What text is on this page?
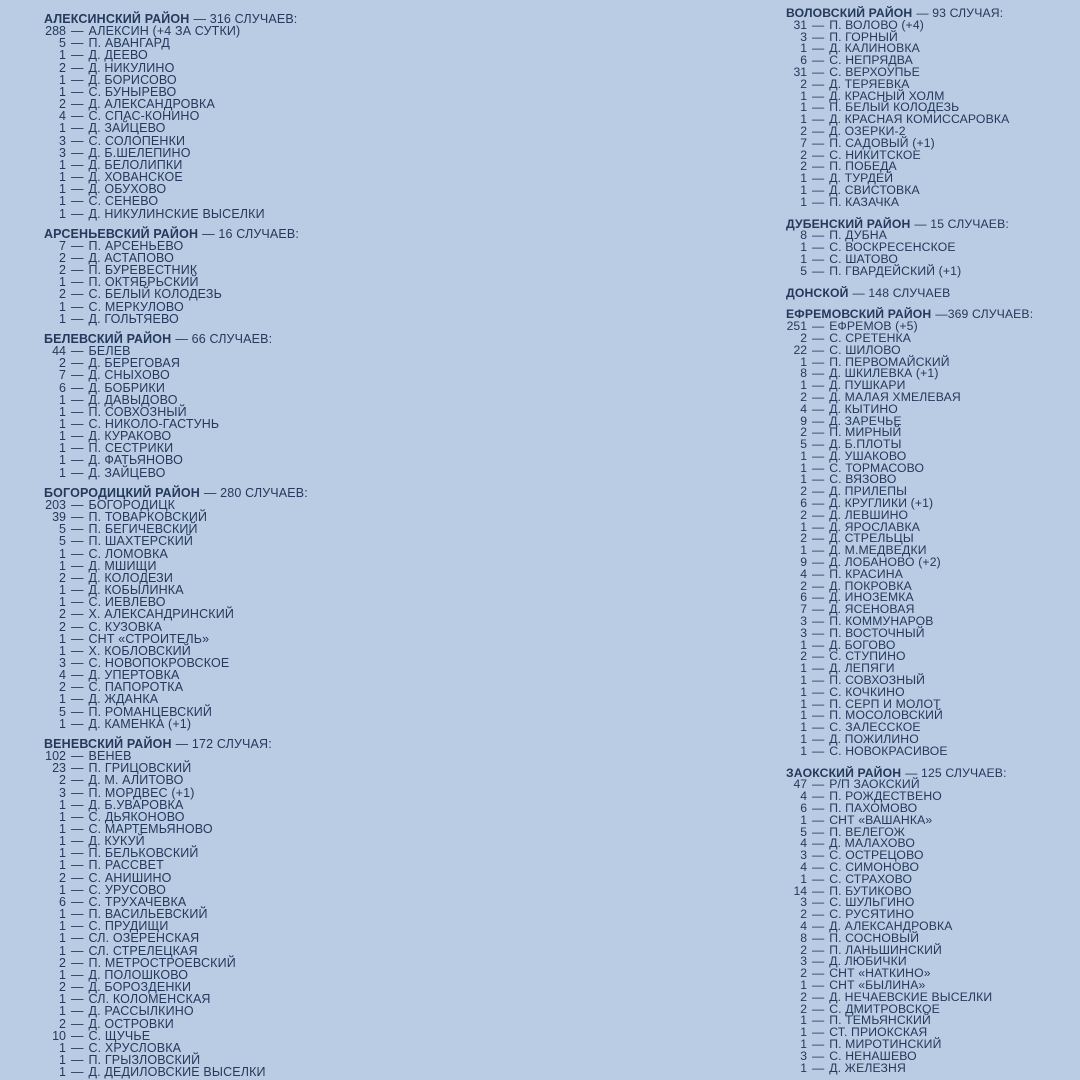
АЛЕКСИНСКИЙ РАЙОН — 316 СЛУЧАЕВ:
288 — АЛЕКСИН (+4 ЗА СУТКИ)
5 — П. АВАНГАРД
1 — Д. ДЕЕВО
2 — Д. НИКУЛИНО
1 — Д. БОРИСОВО
1 — С. БУНЫРЕВО
2 — Д. АЛЕКСАНДРОВКА
4 — С. СПАС-КОНИНО
1 — Д. ЗАЙЦЕВО
3 — С. СОЛОПЕНКИ
3 — Д. Б.ШЕЛЕПИНО
1 — Д. БЕЛОЛИПКИ
1 — Д. ХОВАНСКОЕ
1 — Д. ОБУХОВО
1 — С. СЕНЕВО
1 — Д. НИКУЛИНСКИЕ ВЫСЕЛКИ
АРСЕНЬЕВСКИЙ РАЙОН — 16 СЛУЧАЕВ:
7 — П. АРСЕНЬЕВО
2 — Д. АСТАПОВО
2 — П. БУРЕВЕСТНИК
1 — П. ОКТЯБРЬСКИЙ
2 — С. БЕЛЫЙ КОЛОДЕЗЬ
1 — С. МЕРКУЛОВО
1 — Д. ГОЛЬТЯЕВО
БЕЛЕВСКИЙ РАЙОН — 66 СЛУЧАЕВ:
44 — БЕЛЕВ
2 — Д. БЕРЕГОВАЯ
7 — Д. СНЫХОВО
6 — Д. БОБРИКИ
1 — Д. ДАВЫДОВО
1 — П. СОВХОЗНЫЙ
1 — С. НИКОЛО-ГАСТУНЬ
1 — Д. КУРАКОВО
1 — П. СЕСТРИКИ
1 — Д. ФАТЬЯНОВО
1 — Д. ЗАЙЦЕВО
БОГОРОДИЦКИЙ РАЙОН — 280 СЛУЧАЕВ:
203 — БОГОРОДИЦК
39 — П. ТОВАРКОВСКИЙ
5 — П. БЕГИЧЕВСКИЙ
5 — П. ШАХТЕРСКИЙ
1 — С. ЛОМОВКА
1 — Д. МШИЩИ
2 — Д. КОЛОДЕЗИ
1 — Д. КОБЫЛИНКА
1 — С. ИЕВЛЕВО
2 — Х. АЛЕКСАНДРИНСКИЙ
2 — С. КУЗОВКА
1 — СНТ «СТРОИТЕЛЬ»
1 — Х. КОБЛОВСКИЙ
3 — С. НОВОПОКРОВСКОЕ
4 — Д. УПЕРТОВКА
2 — С. ПАПОРОТКА
1 — Д. ЖДАНКА
5 — П. РОМАНЦЕВСКИЙ
1 — Д. КАМЕНКА (+1)
ВЕНЕВСКИЙ РАЙОН — 172 СЛУЧАЯ:
102 — ВЕНЕВ
23 — П. ГРИЦОВСКИЙ
2 — Д. М. АЛИТОВО
3 — П. МОРДВЕС (+1)
1 — Д. Б.УВАРОВКА
1 — С. ДЬЯКОНОВО
1 — С. МАРТЕМЬЯНОВО
1 — Д. КУКУЙ
1 — П. БЕЛЬКОВСКИЙ
1 — П. РАССВЕТ
2 — С. АНИШИНО
1 — С. УРУСОВО
6 — С. ТРУХАЧЕВКА
1 — П. ВАСИЛЬЕВСКИЙ
1 — С. ПРУДИЩИ
1 — СЛ. ОЗЕРЕНСКАЯ
1 — СЛ. СТРЕЛЕЦКАЯ
2 — П. МЕТРОСТРОЕВСКИЙ
1 — Д. ПОЛОШКОВО
2 — Д. БОРОЗДЕНКИ
1 — СЛ. КОЛОМЕНСКАЯ
1 — Д. РАССЫЛКИНО
2 — Д. ОСТРОВКИ
10 — С. ЩУЧЬЕ
1 — С. ХРУСЛОВКА
1 — П. ГРЫЗЛОВСКИЙ
1 — Д. ДЕДИЛОВСКИЕ ВЫСЕЛКИ
ВОЛОВСКИЙ РАЙОН — 93 СЛУЧАЯ:
31 — П. ВОЛОВО (+4)
3 — П. ГОРНЫЙ
1 — Д. КАЛИНОВКА
6 — С. НЕПРЯДВА
31 — С. ВЕРХОУПЬЕ
2 — Д. ТЕРЯЕВКА
1 — Д. КРАСНЫЙ ХОЛМ
1 — П. БЕЛЫЙ КОЛОДЕЗЬ
1 — Д. КРАСНАЯ КОМИССАРОВКА
2 — Д. ОЗЕРКИ-2
7 — П. САДОВЫЙ (+1)
2 — С. НИКИТСКОЕ
2 — П. ПОБЕДА
1 — Д. ТУРДЕЙ
1 — Д. СВИСТОВКА
1 — П. КАЗАЧКА
ДУБЕНСКИЙ РАЙОН — 15 СЛУЧАЕВ:
8 — П. ДУБНА
1 — С. ВОСКРЕСЕНСКОЕ
1 — С. ШАТОВО
5 — П. ГВАРДЕЙСКИЙ (+1)
ДОНСКОЙ — 148 СЛУЧАЕВ
ЕФРЕМОВСКИЙ РАЙОН —369 СЛУЧАЕВ:
251 — ЕФРЕМОВ (+5)
2 — С. СРЕТЕНКА
22 — С. ШИЛОВО
1 — П. ПЕРВОМАЙСКИЙ
8 — Д. ШКИЛЕВКА (+1)
1 — Д. ПУШКАРИ
2 — Д. МАЛАЯ ХМЕЛЕВАЯ
4 — Д. КЫТИНО
9 — Д. ЗАРЕЧЬЕ
2 — П. МИРНЫЙ
5 — Д. Б.ПЛОТЫ
1 — Д. УШАКОВО
1 — С. ТОРМАСОВО
1 — С. ВЯЗОВО
2 — Д. ПРИЛЕПЫ
6 — Д. КРУГЛИКИ (+1)
2 — Д. ЛЕВШИНО
1 — Д. ЯРОСЛАВКА
2 — Д. СТРЕЛЬЦЫ
1 — Д. М.МЕДВЕДКИ
9 — Д. ЛОБАНОВО (+2)
4 — П. КРАСИНА
2 — Д. ПОКРОВКА
6 — Д. ИНОЗЕМКА
7 — Д. ЯСЕНОВАЯ
3 — П. КОММУНАРОВ
3 — П. ВОСТОЧНЫЙ
1 — Д. БОГОВО
2 — С. СТУПИНО
1 — Д. ЛЕПЯГИ
1 — П. СОВХОЗНЫЙ
1 — С. КОЧКИНО
1 — П. СЕРП И МОЛОТ
1 — П. МОСОЛОВСКИЙ
1 — С. ЗАЛЕССКОЕ
1 — Д. ПОЖИЛИНО
1 — С. НОВОКРАСИВОЕ
ЗАОКСКИЙ РАЙОН — 125 СЛУЧАЕВ:
47 — Р/П ЗАОКСКИЙ
4 — П. РОЖДЕСТВЕНО
6 — П. ПАХОМОВО
1 — СНТ «ВАШАНКА»
5 — П. ВЕЛЕГОЖ
4 — Д. МАЛАХОВО
3 — С. ОСТРЕЦОВО
4 — С. СИМОНОВО
1 — С. СТРАХОВО
14 — П. БУТИКОВО
3 — С. ШУЛЬГИНО
2 — С. РУСЯТИНО
4 — Д. АЛЕКСАНДРОВКА
8 — П. СОСНОВЫЙ
2 — П. ЛАНЬШИНСКИЙ
3 — Д. ЛЮБИЧКИ
2 — СНТ «НАТКИНО»
1 — СНТ «БЫЛИНА»
2 — Д. НЕЧАЕВСКИЕ ВЫСЕЛКИ
2 — С. ДМИТРОВСКОЕ
1 — П. ТЕМЬЯНСКИЙ
1 — СТ. ПРИОКСКАЯ
1 — П. МИРОТИНСКИЙ
3 — С. НЕНАШЕВО
1 — Д. ЖЕЛЕЗНЯ
